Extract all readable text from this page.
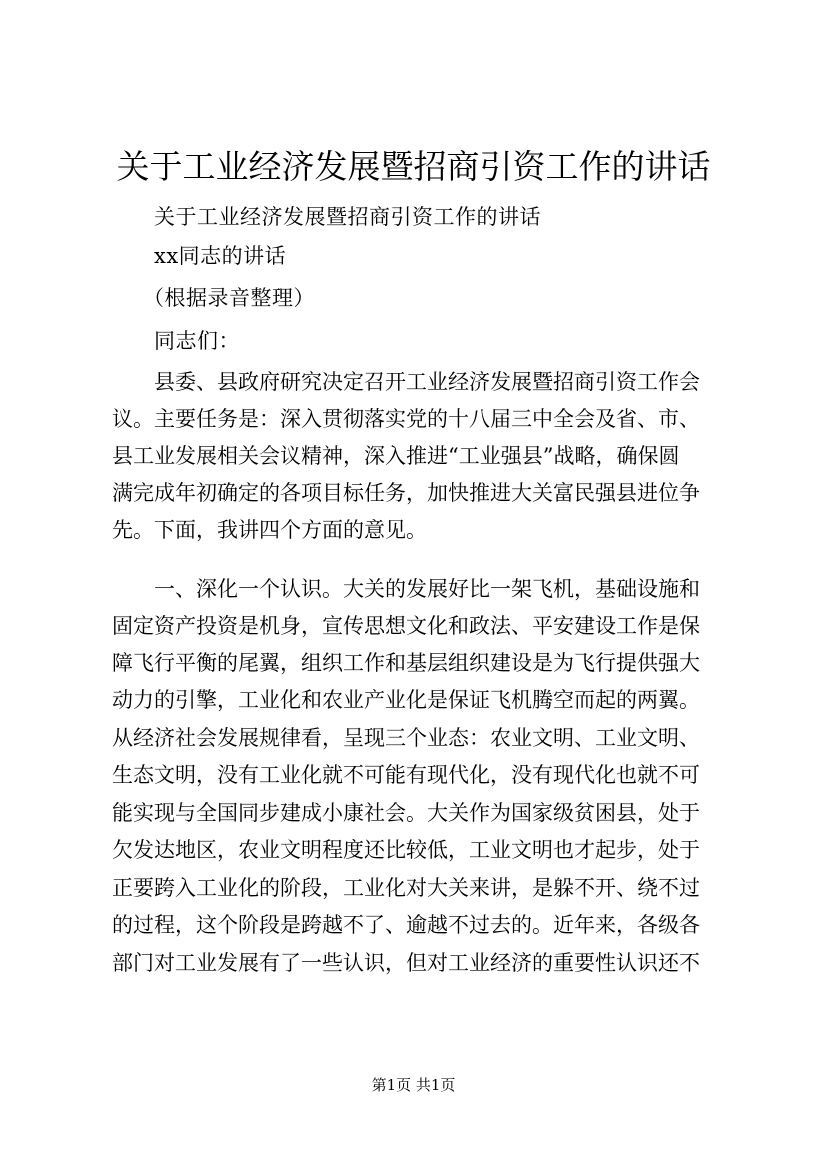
关于工业经济发展暨招商引资工作的讲话
关于工业经济发展暨招商引资工作的讲话
xx同志的讲话
（根据录音整理）
同志们：
县委、县政府研究决定召开工业经济发展暨招商引资工作会
议。主要任务是：深入贯彻落实党的十八届三中全会及省、市、
县工业发展相关会议精神，深入推进“工业强县”战略，确保圆
满完成年初确定的各项目标任务，加快推进大关富民强县进位争
先。下面，我讲四个方面的意见。
一、深化一个认识。大关的发展好比一架飞机，基础设施和
固定资产投资是机身，宣传思想文化和政法、平安建设工作是保
障飞行平衡的尾翼，组织工作和基层组织建设是为飞行提供强大
动力的引擎，工业化和农业产业化是保证飞机腾空而起的两翼。
从经济社会发展规律看，呈现三个业态：农业文明、工业文明、
生态文明，没有工业化就不可能有现代化，没有现代化也就不可
能实现与全国同步建成小康社会。大关作为国家级贫困县，处于
欠发达地区，农业文明程度还比较低，工业文明也才起步，处于
正要跨入工业化的阶段，工业化对大关来讲，是躲不开、绕不过
的过程，这个阶段是跨越不了、逾越不过去的。近年来，各级各
部门对工业发展有了一些认识，但对工业经济的重要性认识还不
第1页 共1页
